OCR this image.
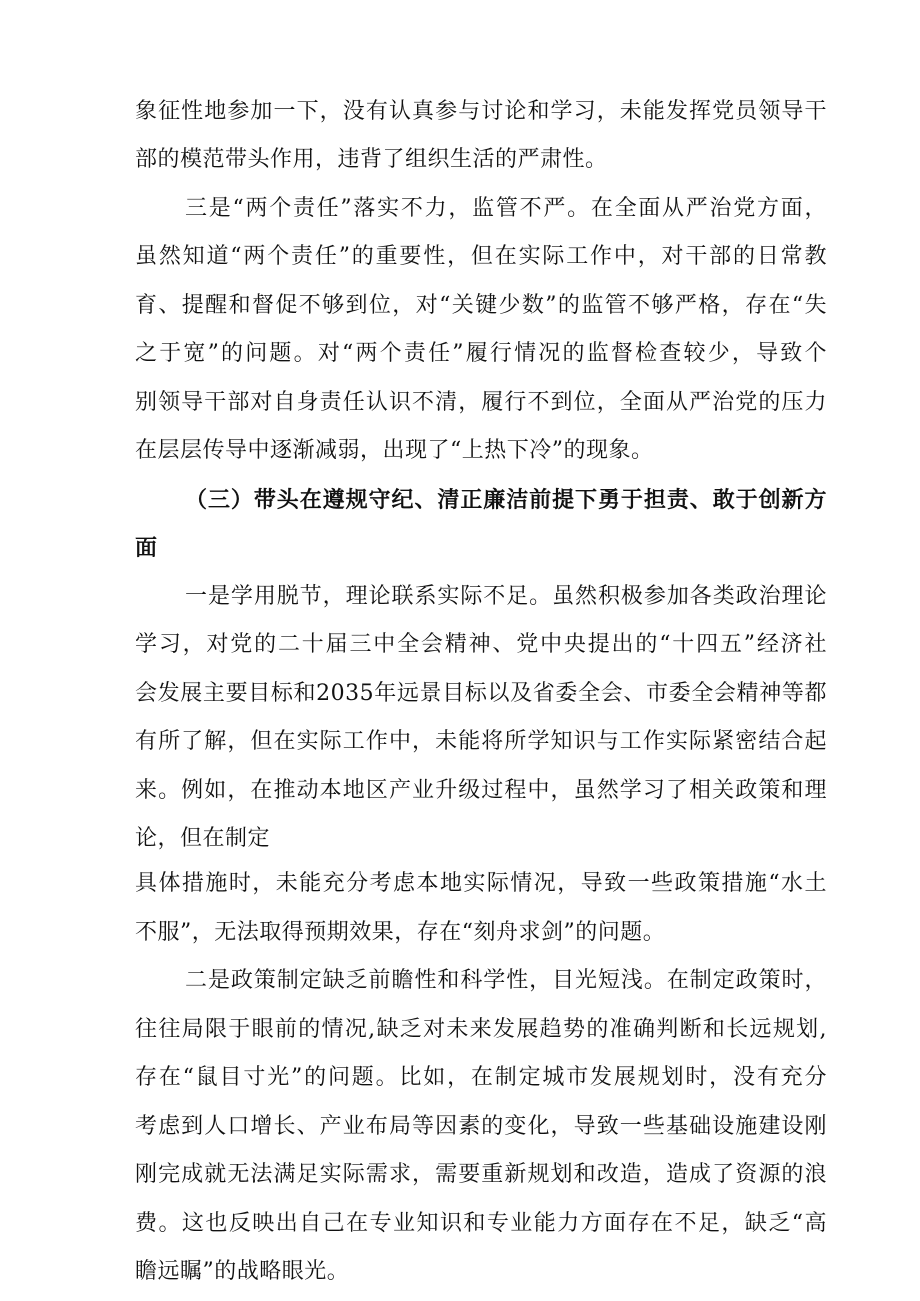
象征性地参加一下，没有认真参与讨论和学习，未能发挥党员领导干
部的模范带头作用，违背了组织生活的严肃性。
三是“两个责任”落实不力，监管不严。在全面从严治党方面，
虽然知道“两个责任”的重要性，但在实际工作中，对干部的日常教
育、提醒和督促不够到位，对“关键少数”的监管不够严格，存在“失
之于宽”的问题。对“两个责任”履行情况的监督检查较少，导致个
别领导干部对自身责任认识不清，履行不到位，全面从严治党的压力
在层层传导中逐渐减弱，出现了“上热下冷”的现象。
（三）带头在遵规守纪、清正廉洁前提下勇于担责、敢于创新方
面
一是学用脱节，理论联系实际不足。虽然积极参加各类政治理论
学习，对党的二十届三中全会精神、党中央提出的“十四五”经济社
会发展主要目标和2035年远景目标以及省委全会、市委全会精神等都
有所了解，但在实际工作中，未能将所学知识与工作实际紧密结合起
来。例如，在推动本地区产业升级过程中，虽然学习了相关政策和理
论，但在制定
具体措施时，未能充分考虑本地实际情况，导致一些政策措施“水土
不服”，无法取得预期效果，存在“刻舟求剑”的问题。
二是政策制定缺乏前瞻性和科学性，目光短浅。在制定政策时，
往往局限于眼前的情况,缺乏对未来发展趋势的准确判断和长远规划,
存在“鼠目寸光”的问题。比如，在制定城市发展规划时，没有充分
考虑到人口增长、产业布局等因素的变化，导致一些基础设施建设刚
刚完成就无法满足实际需求，需要重新规划和改造，造成了资源的浪
费。这也反映出自己在专业知识和专业能力方面存在不足，缺乏“高
瞻远瞩”的战略眼光。
